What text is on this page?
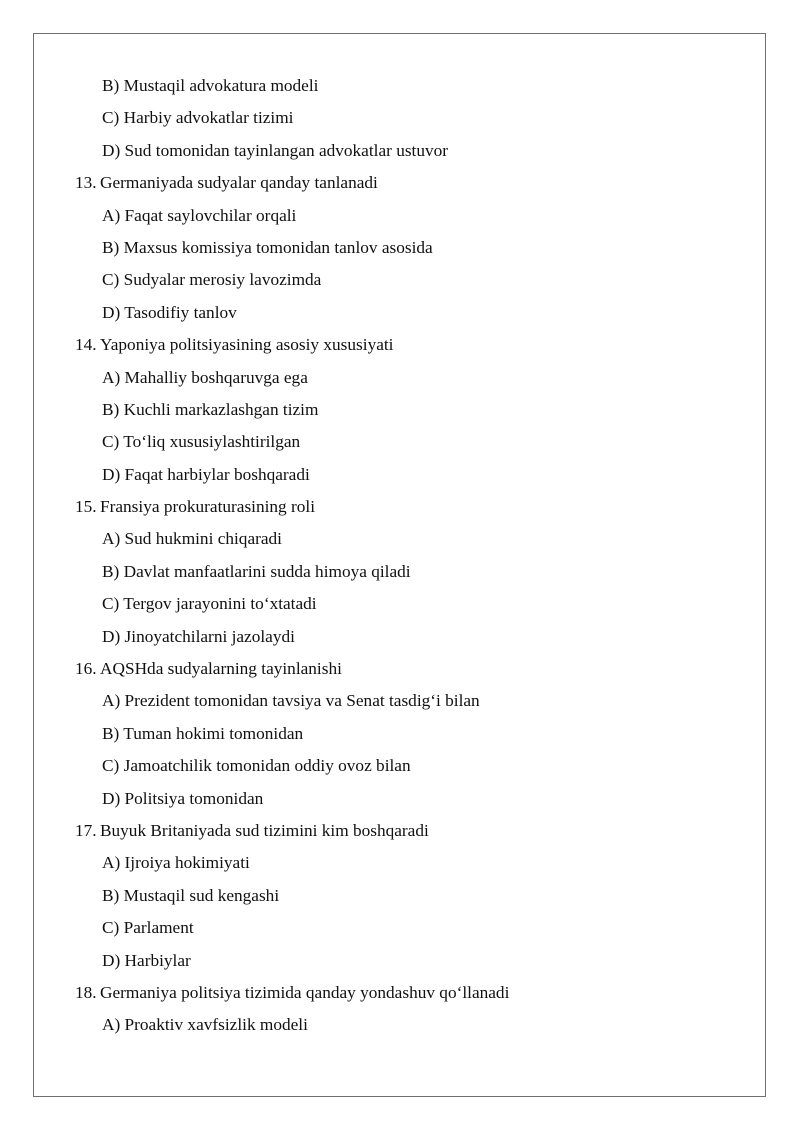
B) Mustaqil advokatura modeli
C) Harbiy advokatlar tizimi
D) Sud tomonidan tayinlangan advokatlar ustuvor
13. Germaniyada sudyalar qanday tanlanadi
A) Faqat saylovchilar orqali
B) Maxsus komissiya tomonidan tanlov asosida
C) Sudyalar merosiy lavozimda
D) Tasodifiy tanlov
14. Yaponiya politsiyasining asosiy xususiyati
A) Mahalliy boshqaruvga ega
B) Kuchli markazlashgan tizim
C) To‘liq xususiylashtirilgan
D) Faqat harbiylar boshqaradi
15. Fransiya prokuraturasining roli
A) Sud hukmini chiqaradi
B) Davlat manfaatlarini sudda himoya qiladi
C) Tergov jarayonini to‘xtatadi
D) Jinoyatchilarni jazolaydi
16. AQSHda sudyalarning tayinlanishi
A) Prezident tomonidan tavsiya va Senat tasdig‘i bilan
B) Tuman hokimi tomonidan
C) Jamoatchilik tomonidan oddiy ovoz bilan
D) Politsiya tomonidan
17. Buyuk Britaniyada sud tizimini kim boshqaradi
A) Ijroiya hokimiyati
B) Mustaqil sud kengashi
C) Parlament
D) Harbiylar
18. Germaniya politsiya tizimida qanday yondashuv qo‘llanadi
A) Proaktiv xavfsizlik modeli
